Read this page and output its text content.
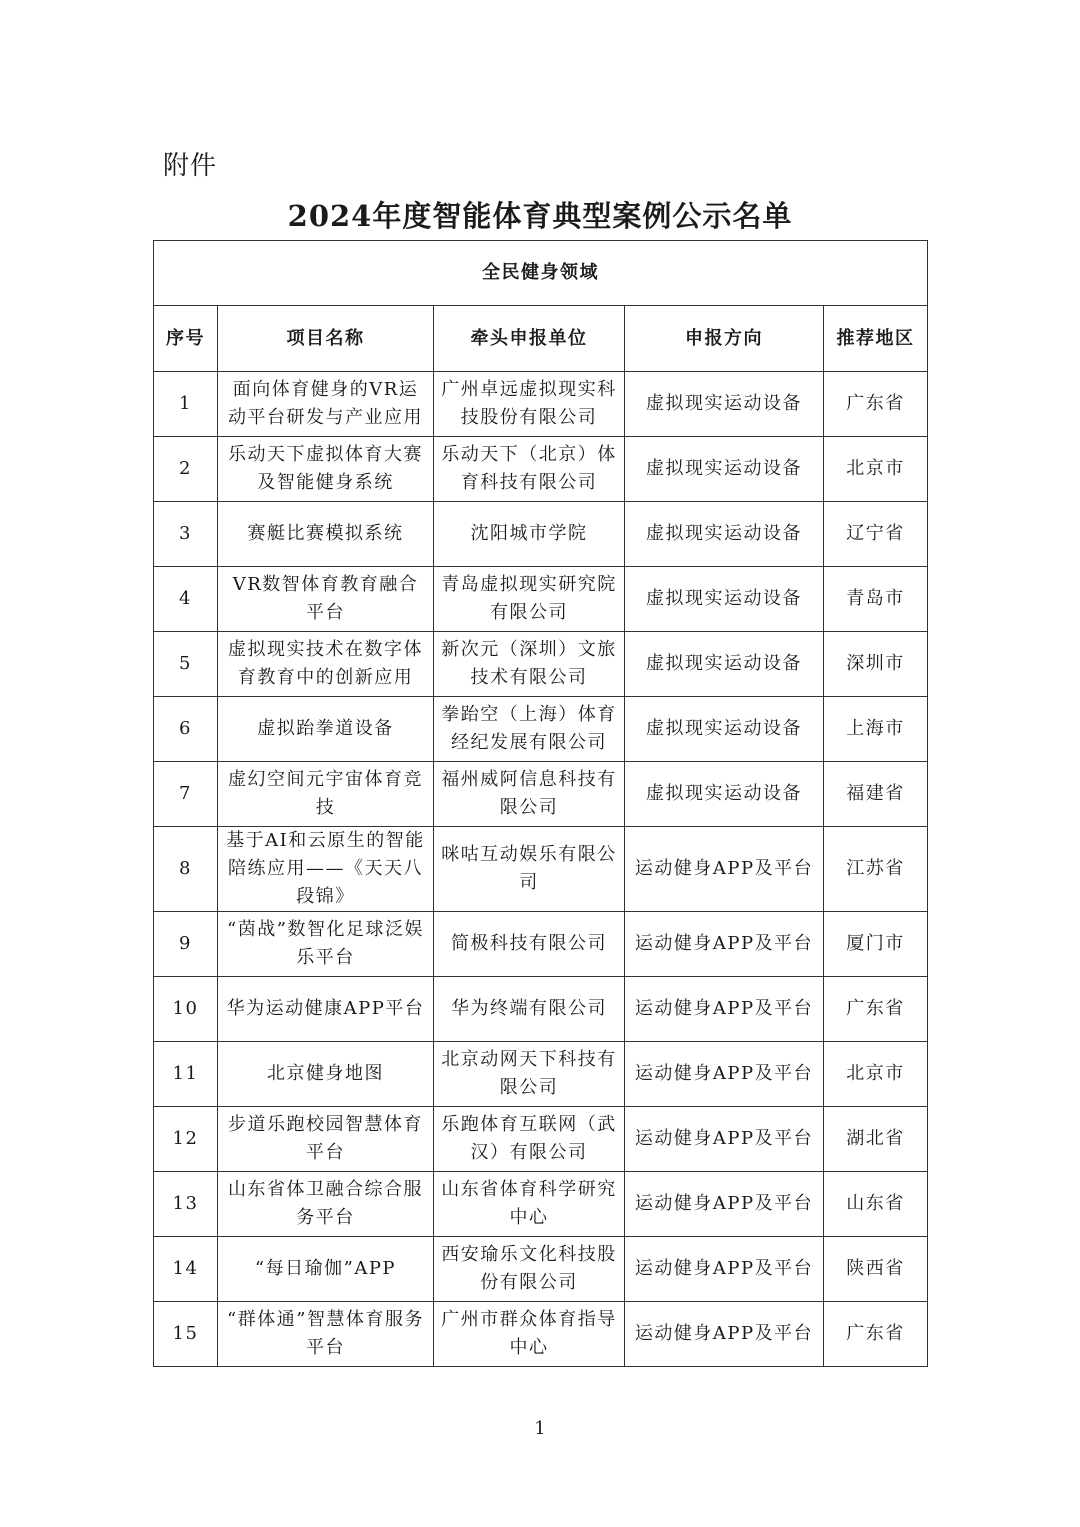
附件
2024年度智能体育典型案例公示名单
全民健身领域				
序号	项目名称	牵头申报单位	申报方向	推荐地区
1	面向体育健身的VR运动平台研发与产业应用	广州卓远虚拟现实科技股份有限公司	虚拟现实运动设备	广东省
2	乐动天下虚拟体育大赛及智能健身系统	乐动天下（北京）体育科技有限公司	虚拟现实运动设备	北京市
3	赛艇比赛模拟系统	沈阳城市学院	虚拟现实运动设备	辽宁省
4	VR数智体育教育融合平台	青岛虚拟现实研究院有限公司	虚拟现实运动设备	青岛市
5	虚拟现实技术在数字体育教育中的创新应用	新次元（深圳）文旅技术有限公司	虚拟现实运动设备	深圳市
6	虚拟跆拳道设备	拳跆空（上海）体育经纪发展有限公司	虚拟现实运动设备	上海市
7	虚幻空间元宇宙体育竞技	福州威阿信息科技有限公司	虚拟现实运动设备	福建省
8	基于AI和云原生的智能陪练应用——《天天八段锦》	咪咕互动娱乐有限公司	运动健身APP及平台	江苏省
9	“茵战”数智化足球泛娱乐平台	简极科技有限公司	运动健身APP及平台	厦门市
10	华为运动健康APP平台	华为终端有限公司	运动健身APP及平台	广东省
11	北京健身地图	北京动网天下科技有限公司	运动健身APP及平台	北京市
12	步道乐跑校园智慧体育平台	乐跑体育互联网（武汉）有限公司	运动健身APP及平台	湖北省
13	山东省体卫融合综合服务平台	山东省体育科学研究中心	运动健身APP及平台	山东省
14	“每日瑜伽”APP	西安瑜乐文化科技股份有限公司	运动健身APP及平台	陕西省
15	“群体通”智慧体育服务平台	广州市群众体育指导中心	运动健身APP及平台	广东省
1
